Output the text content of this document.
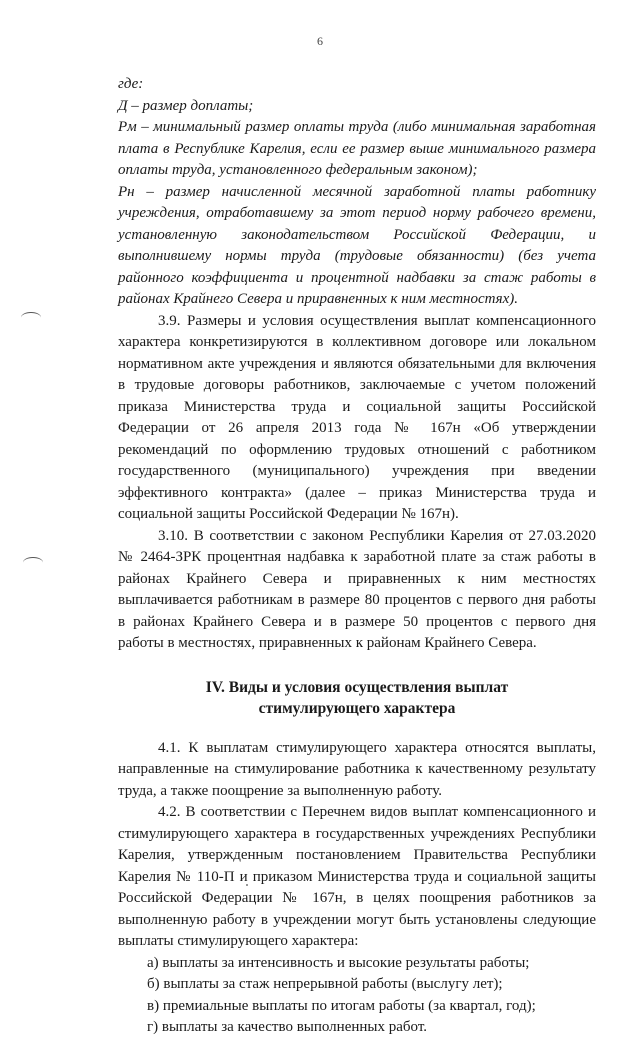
6

где:

Д – размер доплаты;

Рм – минимальный размер оплаты труда (либо минимальная заработная плата в Республике Карелия, если ее размер выше минимального размера оплаты труда, установленного федеральным законом);

Рн – размер начисленной месячной заработной платы работнику учреждения, отработавшему за этот период норму рабочего времени, установленную законодательством Российской Федерации, и выполнившему нормы труда (трудовые обязанности) (без учета районного коэффициента и процентной надбавки за стаж работы в районах Крайнего Севера и приравненных к ним местностях).

3.9. Размеры и условия осуществления выплат компенсационного характера конкретизируются в коллективном договоре или локальном нормативном акте учреждения и являются обязательными для включения в трудовые договоры работников, заключаемые с учетом положений приказа Министерства труда и социальной защиты Российской Федерации от 26 апреля 2013 года № 167н «Об утверждении рекомендаций по оформлению трудовых отношений с работником государственного (муниципального) учреждения при введении эффективного контракта» (далее – приказ Министерства труда и социальной защиты Российской Федерации № 167н).

3.10. В соответствии с законом Республики Карелия от 27.03.2020 № 2464-ЗРК процентная надбавка к заработной плате за стаж работы в районах Крайнего Севера и приравненных к ним местностях выплачивается работникам в размере 80 процентов с первого дня работы в районах Крайнего Севера и в размере 50 процентов с первого дня работы в местностях, приравненных к районам Крайнего Севера.

IV. Виды и условия осуществления выплат
стимулирующего характера

4.1. К выплатам стимулирующего характера относятся выплаты, направленные на стимулирование работника к качественному результату труда, а также поощрение за выполненную работу.

4.2. В соответствии с Перечнем видов выплат компенсационного и стимулирующего характера в государственных учреждениях Республики Карелия, утвержденным постановлением Правительства Республики Карелия № 110-П и приказом Министерства труда и социальной защиты Российской Федерации № 167н, в целях поощрения работников за выполненную работу в учреждении могут быть установлены следующие выплаты стимулирующего характера:

а) выплаты за интенсивность и высокие результаты работы;

б) выплаты за стаж непрерывной работы (выслугу лет);

в) премиальные выплаты по итогам работы (за квартал, год);

г) выплаты за качество выполненных работ.
